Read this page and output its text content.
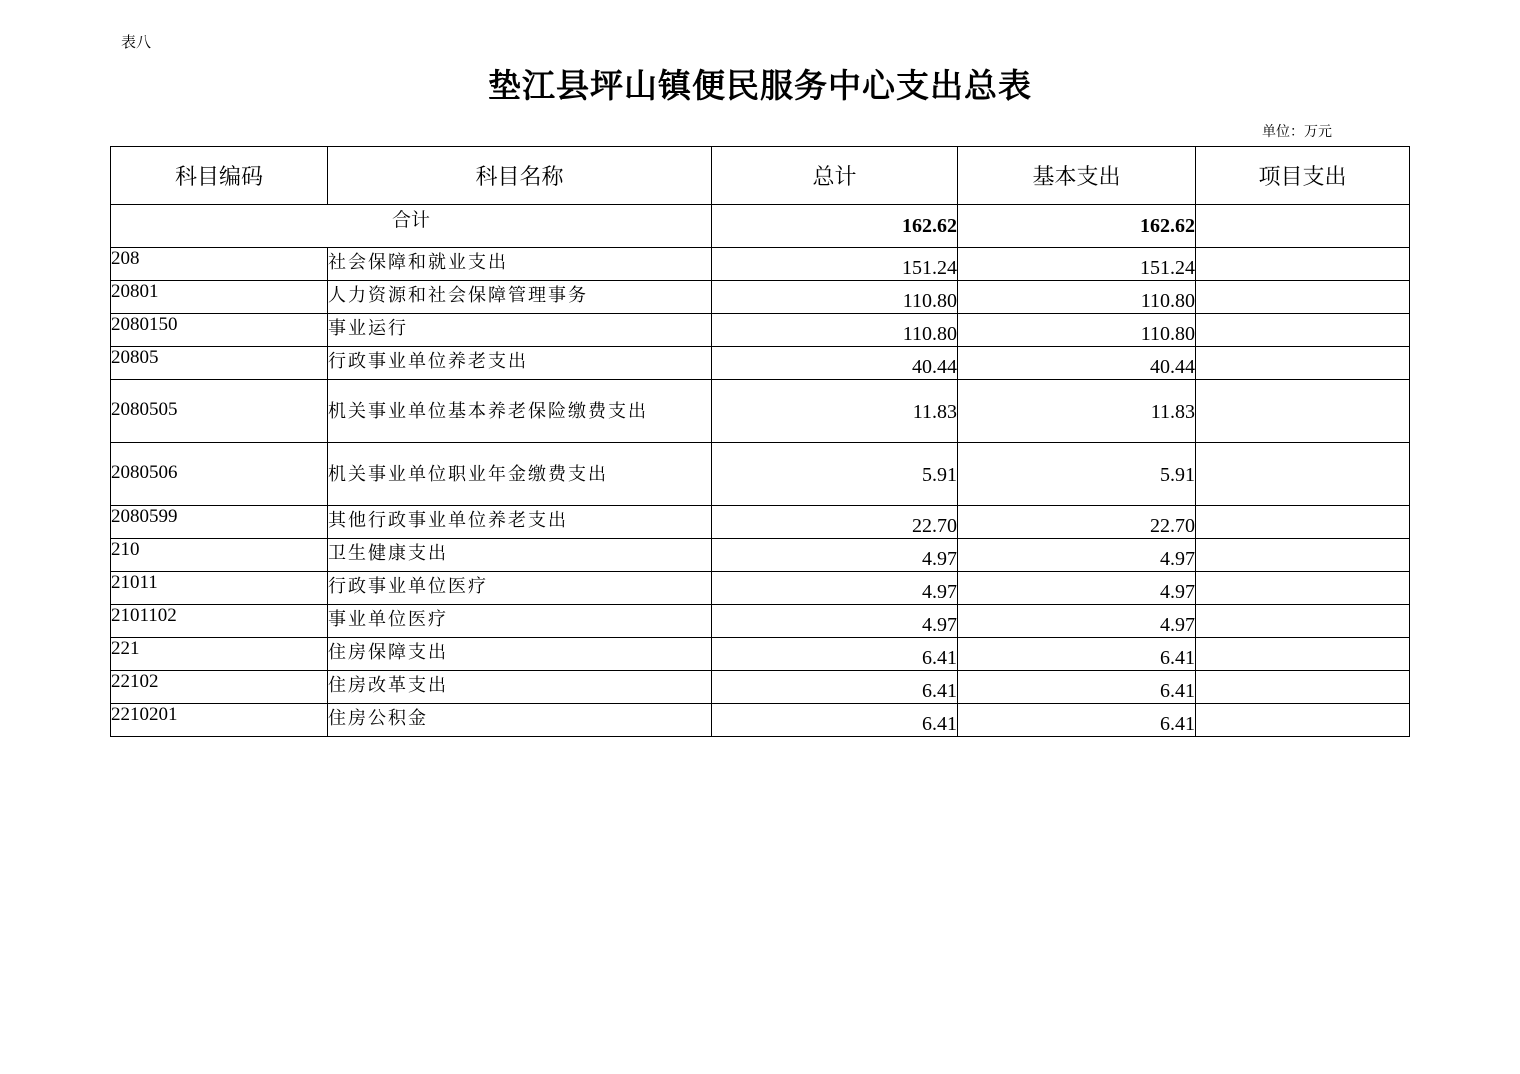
表八
垫江县坪山镇便民服务中心支出总表
单位：万元
科目编码	科目名称	总计	基本支出	项目支出
合计		162.62	162.62	
208	社会保障和就业支出	151.24	151.24	
20801	人力资源和社会保障管理事务	110.80	110.80	
2080150	事业运行	110.80	110.80	
20805	行政事业单位养老支出	40.44	40.44	
2080505	机关事业单位基本养老保险缴费支出	11.83	11.83	
2080506	机关事业单位职业年金缴费支出	5.91	5.91	
2080599	其他行政事业单位养老支出	22.70	22.70	
210	卫生健康支出	4.97	4.97	
21011	行政事业单位医疗	4.97	4.97	
2101102	事业单位医疗	4.97	4.97	
221	住房保障支出	6.41	6.41	
22102	住房改革支出	6.41	6.41	
2210201	住房公积金	6.41	6.41	
